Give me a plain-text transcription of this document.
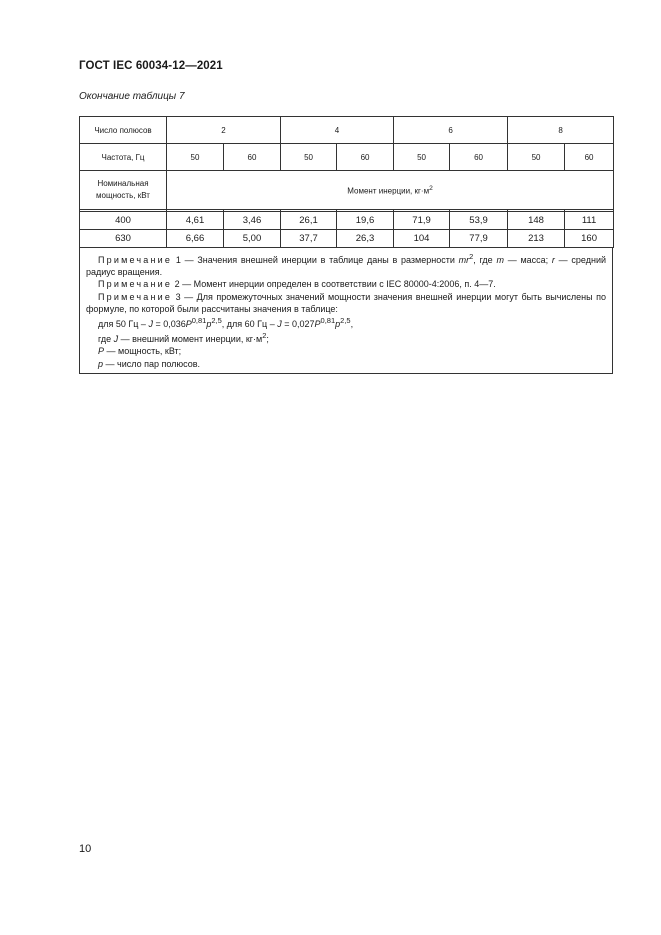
ГОСТ IEC 60034-12—2021
Окончание таблицы 7
Число полюсов	2		4		6		8	
Частота, Гц	50	60	50	60	50	60	50	60
Номинальная мощность, кВт	Момент инерции, $кг\cdot м^2$

400	4,61	3,46	26,1	19,6	71,9	53,9	148	111
630	6,66	5,00	37,7	26,3	104	77,9	213	160

Примечание 1 — Значения внешней инерции в таблице даны в размерности $mr^2$, где m — масса; r — средний радиус вращения.

Примечание 2 — Момент инерции определен в соответствии с IEC 80000-4:2006, п. 4—7.

Примечание 3 — Для промежуточных значений мощности значения внешней инерции могут быть вычислены по формуле, по которой были рассчитаны значения в таблице:

для 50 Гц – $J = 0,036P^{0,81}p^{2,5}$, для 60 Гц – $J = 0,027P^{0,81}p^{2,5}$,

где J — внешний момент инерции, $кг\cdot м^2$;

P — мощность, кВт;

p — число пар полюсов.

10
